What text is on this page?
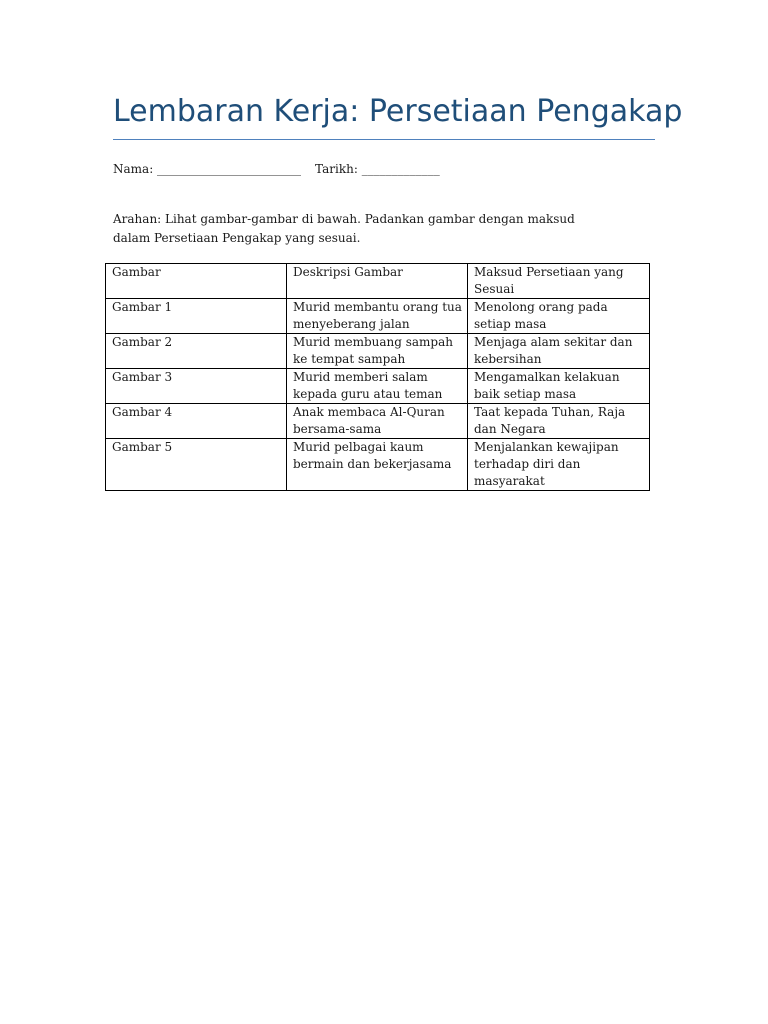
Lembaran Kerja: Persetiaan Pengakap
Nama: ________________________ Tarikh: _____________

Arahan: Lihat gambar-gambar di bawah. Padankan gambar dengan maksud dalam Persetiaan Pengakap yang sesuai.

Gambar	Deskripsi Gambar	Maksud Persetiaan yang Sesuai
Gambar 1	Murid membantu orang tua menyeberang jalan	Menolong orang pada setiap masa
Gambar 2	Murid membuang sampah ke tempat sampah	Menjaga alam sekitar dan kebersihan
Gambar 3	Murid memberi salam kepada guru atau teman	Mengamalkan kelakuan baik setiap masa
Gambar 4	Anak membaca Al-Quran bersama-sama	Taat kepada Tuhan, Raja dan Negara
Gambar 5	Murid pelbagai kaum bermain dan bekerjasama	Menjalankan kewajipan terhadap diri dan masyarakat
